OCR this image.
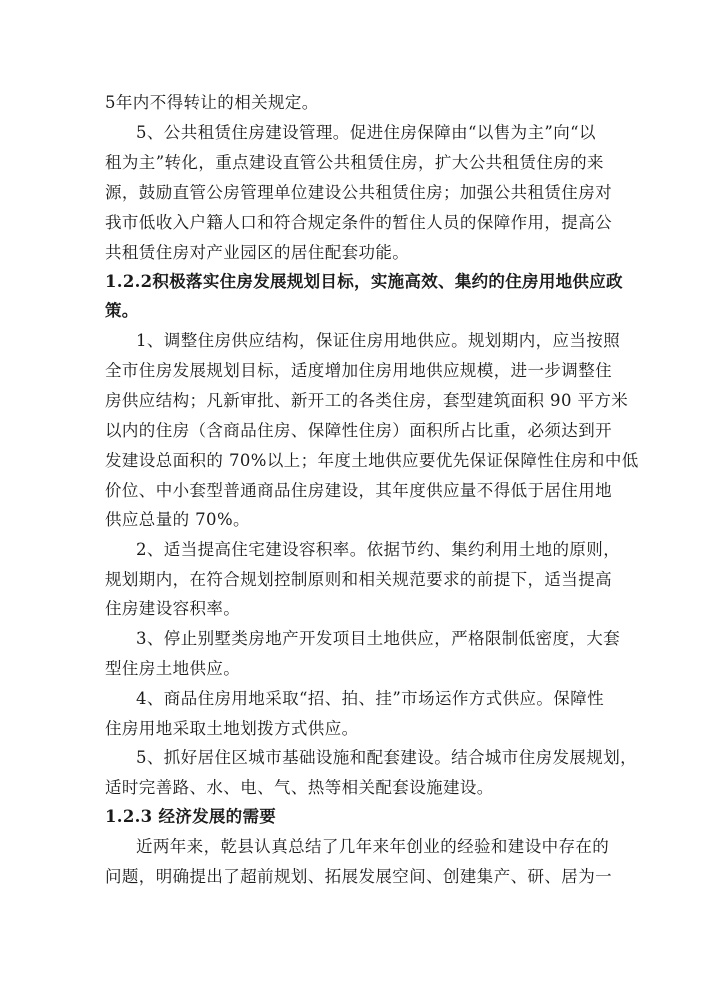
5年内不得转让的相关规定。
5、公共租赁住房建设管理。促进住房保障由“以售为主”向“以
租为主”转化，重点建设直管公共租赁住房，扩大公共租赁住房的来
源，鼓励直管公房管理单位建设公共租赁住房；加强公共租赁住房对
我市低收入户籍人口和符合规定条件的暂住人员的保障作用，提高公
共租赁住房对产业园区的居住配套功能。
1.2.2积极落实住房发展规划目标，实施高效、集约的住房用地供应政
策。
1、调整住房供应结构，保证住房用地供应。规划期内，应当按照
全市住房发展规划目标，适度增加住房用地供应规模，进一步调整住
房供应结构；凡新审批、新开工的各类住房，套型建筑面积 90 平方米
以内的住房（含商品住房、保障性住房）面积所占比重，必须达到开
发建设总面积的 70%以上；年度土地供应要优先保证保障性住房和中低
价位、中小套型普通商品住房建设，其年度供应量不得低于居住用地
供应总量的 70%。
2、适当提高住宅建设容积率。依据节约、集约利用土地的原则，
规划期内，在符合规划控制原则和相关规范要求的前提下，适当提高
住房建设容积率。
3、停止别墅类房地产开发项目土地供应，严格限制低密度，大套
型住房土地供应。
4、商品住房用地采取“招、拍、挂”市场运作方式供应。保障性
住房用地采取土地划拨方式供应。
5、抓好居住区城市基础设施和配套建设。结合城市住房发展规划，
适时完善路、水、电、气、热等相关配套设施建设。
1.2.3 经济发展的需要
近两年来，乾县认真总结了几年来年创业的经验和建设中存在的
问题，明确提出了超前规划、拓展发展空间、创建集产、研、居为一
